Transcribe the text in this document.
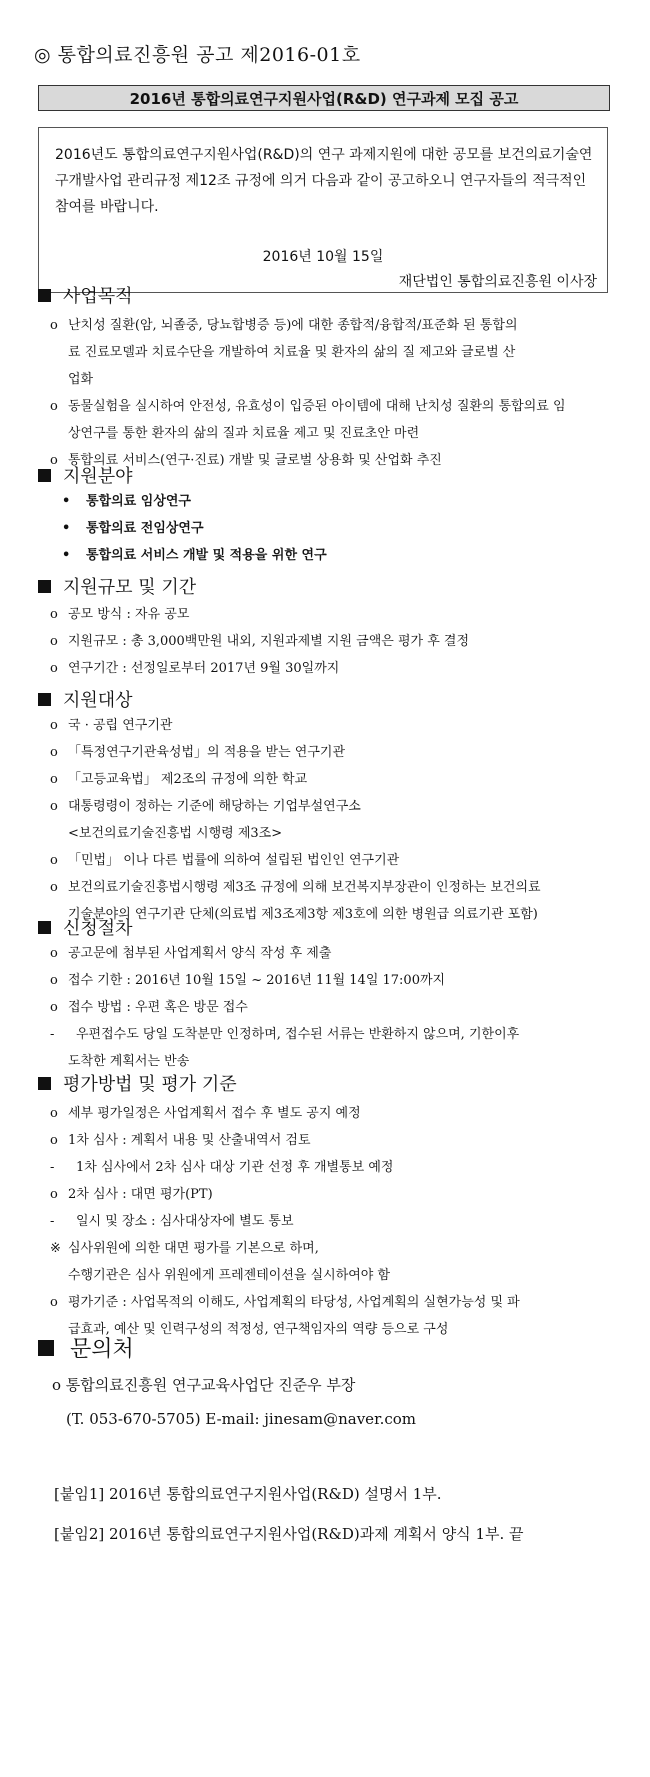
◎ 통합의료진흥원 공고 제2016-01호
2016년 통합의료연구지원사업(R&D) 연구과제 모집 공고

2016년도 통합의료연구지원사업(R&D)의 연구 과제지원에 대한 공모를 보건의료기술연구개발사업 관리규정 제12조 규정에 의거 다음과 같이 공고하오니 연구자들의 적극적인 참여를 바랍니다.

2016년 10월 15일
재단법인 통합의료진흥원 이사장
사업목적
o 난치성 질환(암, 뇌졸중, 당뇨합병증 등)에 대한 종합적/융합적/표준화 된 통합의
료 진료모델과 치료수단을 개발하여 치료율 및 환자의 삶의 질 제고와 글로벌 산
업화
o 동물실험을 실시하여 안전성, 유효성이 입증된 아이템에 대해 난치성 질환의 통합의료 임
상연구를 통한 환자의 삶의 질과 치료율 제고 및 진료초안 마련
o 통합의료 서비스(연구·진료) 개발 및 글로벌 상용화 및 산업화 추진
지원분야
• 통합의료 임상연구
• 통합의료 전임상연구
• 통합의료 서비스 개발 및 적용을 위한 연구
지원규모 및 기간
o 공모 방식 : 자유 공모
o 지원규모 : 총 3,000백만원 내외, 지원과제별 지원 금액은 평가 후 결정
o 연구기간 : 선정일로부터 2017년 9월 30일까지
지원대상
o 국 · 공립 연구기관
o 「특정연구기관육성법」의 적용을 받는 연구기관
o 「고등교육법」 제2조의 규정에 의한 학교
o 대통령령이 정하는 기준에 해당하는 기업부설연구소
<보건의료기술진흥법 시행령 제3조>
o 「민법」 이나 다른 법률에 의하여 설립된 법인인 연구기관
o 보건의료기술진흥법시행령 제3조 규정에 의해 보건복지부장관이 인정하는 보건의료
기술분야의 연구기관 단체(의료법 제3조제3항 제3호에 의한 병원급 의료기관 포함)
신청절차
o 공고문에 첨부된 사업계획서 양식 작성 후 제출
o 접수 기한 : 2016년 10월 15일 ~ 2016년 11월 14일 17:00까지
o 접수 방법 : 우편 혹은 방문 접수
- 우편접수도 당일 도착분만 인정하며, 접수된 서류는 반환하지 않으며, 기한이후
도착한 계획서는 반송
평가방법 및 평가 기준
o 세부 평가일정은 사업계획서 접수 후 별도 공지 예정
o 1차 심사 : 계획서 내용 및 산출내역서 검토
- 1차 심사에서 2차 심사 대상 기관 선정 후 개별통보 예정
o 2차 심사 : 대면 평가(PT)
- 일시 및 장소 : 심사대상자에 별도 통보
※ 심사위원에 의한 대면 평가를 기본으로 하며,
수행기관은 심사 위원에게 프레젠테이션을 실시하여야 함
o 평가기준 : 사업목적의 이해도, 사업계획의 타당성, 사업계획의 실현가능성 및 파
급효과, 예산 및 인력구성의 적정성, 연구책임자의 역량 등으로 구성
문의처
o 통합의료진흥원 연구교육사업단 진준우 부장
(T. 053-670-5705) E-mail: jinesam@naver.com
[붙임1] 2016년 통합의료연구지원사업(R&D) 설명서 1부.
[붙임2] 2016년 통합의료연구지원사업(R&D)과제 계획서 양식 1부. 끝
